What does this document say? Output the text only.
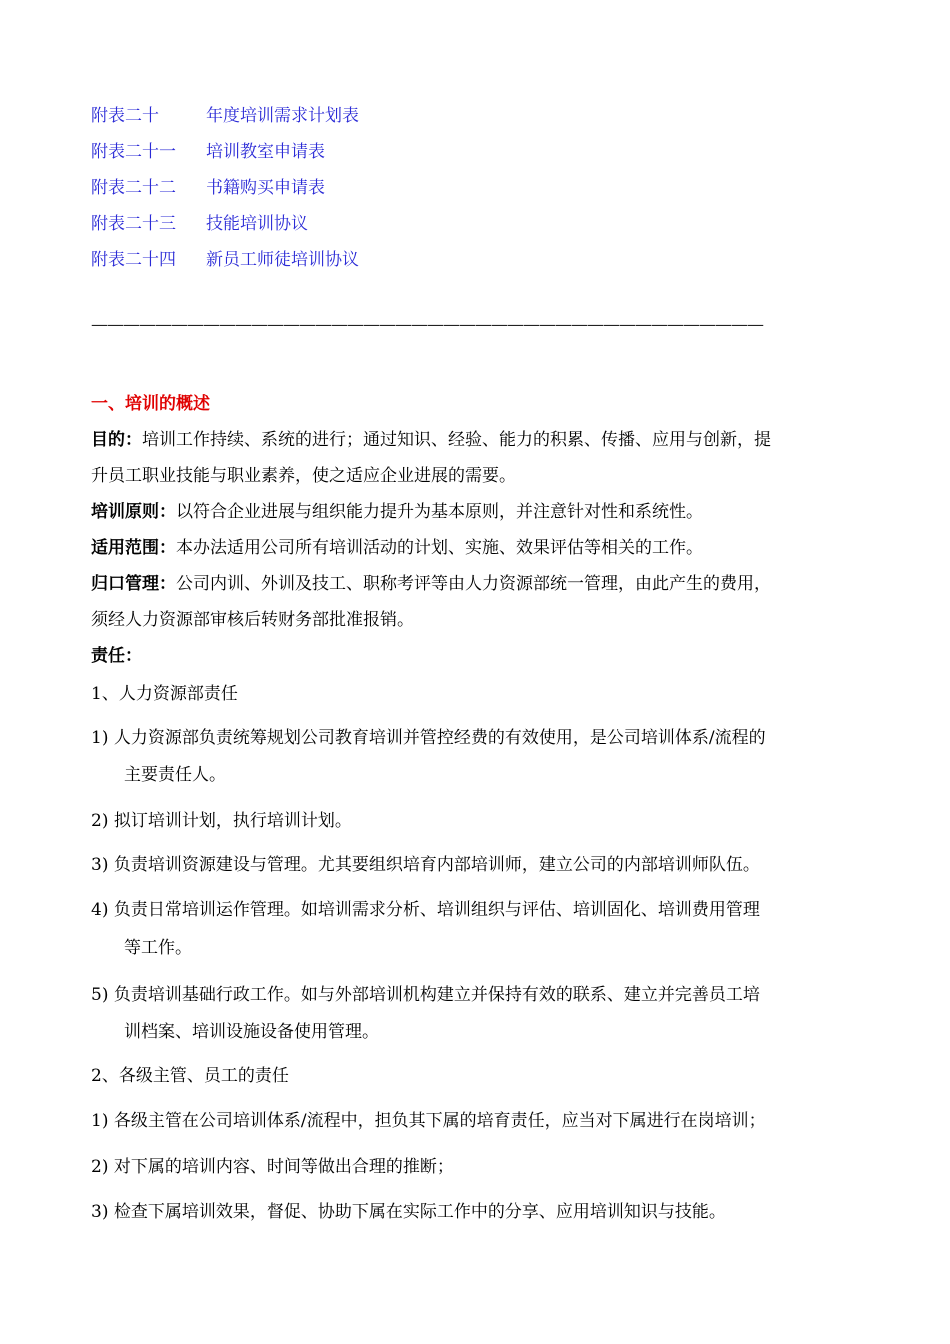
附表二十	年度培训需求计划表
附表二十一 培训教室申请表
附表二十二 书籍购买申请表
附表二十三 技能培训协议
附表二十四 新员工师徒培训协议
——————————————————————————————————————————
一、培训的概述
目的：培训工作持续、系统的进行；通过知识、经验、能力的积累、传播、应用与创新，提
升员工职业技能与职业素养，使之适应企业进展的需要。
培训原则：以符合企业进展与组织能力提升为基本原则，并注意针对性和系统性。
适用范围：本办法适用公司所有培训活动的计划、实施、效果评估等相关的工作。
归口管理：公司内训、外训及技工、职称考评等由人力资源部统一管理，由此产生的费用，
须经人力资源部审核后转财务部批准报销。
责任：
1、人力资源部责任
1) 人力资源部负责统筹规划公司教育培训并管控经费的有效使用，是公司培训体系/流程的
主要责任人。
2) 拟订培训计划，执行培训计划。
3) 负责培训资源建设与管理。尤其要组织培育内部培训师，建立公司的内部培训师队伍。
4) 负责日常培训运作管理。如培训需求分析、培训组织与评估、培训固化、培训费用管理
等工作。
5) 负责培训基础行政工作。如与外部培训机构建立并保持有效的联系、建立并完善员工培
训档案、培训设施设备使用管理。
2、各级主管、员工的责任
1) 各级主管在公司培训体系/流程中，担负其下属的培育责任，应当对下属进行在岗培训；
2) 对下属的培训内容、时间等做出合理的推断；
3) 检查下属培训效果，督促、协助下属在实际工作中的分享、应用培训知识与技能。
